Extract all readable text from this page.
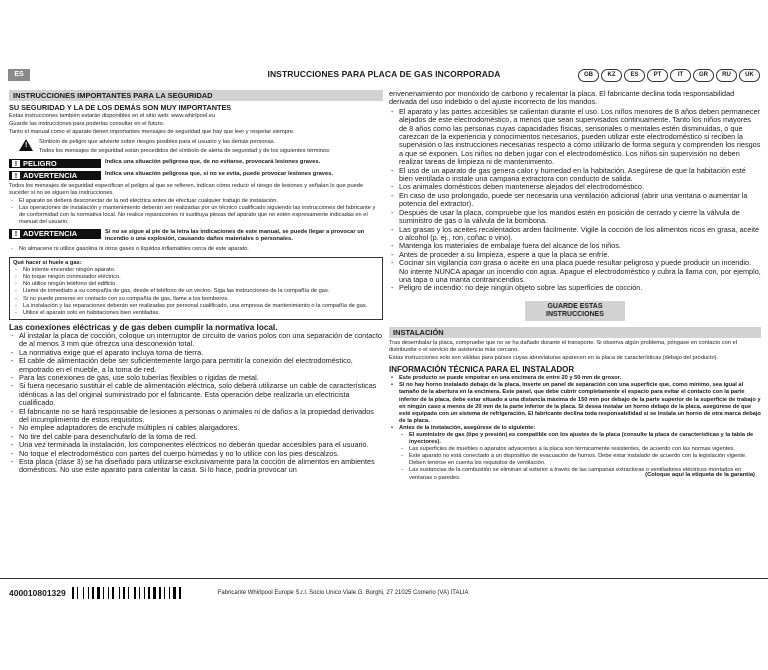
ES	INSTRUCCIONES PARA PLACA DE GAS INCORPORADA	GB	KZ	ES	PT	IT	GR	RU	UK
INSTRUCCIONES IMPORTANTES PARA LA SEGURIDAD
SU SEGURIDAD Y LA DE LOS DEMÁS SON MUY IMPORTANTES

Estas instrucciones también estarán disponibles en el sitio web: www.whirlpool.eu

Guarde las instrucciones para poderlas consultar en el futuro.

Tanto el manual como el aparato tienen importantes mensajes de seguridad que hay que leer y respetar siempre.

! Símbolo de peligro que advierte sobre riesgos posibles para el usuario y las demás personas.

Todos los mensajes de seguridad están precedidos del símbolo de alerta de seguridad y de los siguientes términos:

! PELIGRO	Indica una situación peligrosa que, de no evitarse, provocará lesiones graves.
! ADVERTENCIA	Indica una situación peligrosa que, si no se evita, puede provocar lesiones graves.

Todos los mensajes de seguridad especifican el peligro al que se refieren, indican cómo reducir el riesgo de lesiones y señalan lo que puede suceder si no se siguen las instrucciones.

- El aparato se deberá desconectar de la red eléctrica antes de efectuar cualquier trabajo de instalación.
- Las operaciones de instalación y mantenimiento deberán ser realizadas por un técnico cualificado siguiendo las instrucciones del fabricante y de conformidad con la normativa local. No realice reparaciones ni sustituya piezas del aparato que no estén expresamente indicadas en el manual del usuario.
! ADVERTENCIA	Si no se sigue al pie de la letra las indicaciones de este manual, se puede llegar a provocar un incendio o una explosión, causando daños materiales o personales.
- No almacene ni utilice gasolina ni otros gases o líquidos inflamables cerca de este aparato.
Qué hacer si huele a gas:
- No intente encender ningún aparato.
- No toque ningún conmutador eléctrico.
- No utilice ningún teléfono del edificio.
- Llame de inmediato a su compañía de gas, desde el teléfono de un vecino. Siga las instrucciones de la compañía de gas.
- Si no puede ponerse en contacto con su compañía de gas, llame a los bomberos.
- La instalación y las reparaciones deberán ser realizadas por personal cualificado, una empresa de mantenimiento o la compañía de gas.
- Utilice el aparato solo en habitaciones bien ventiladas.
Las conexiones eléctricas y de gas deben cumplir la normativa local.
- Al instalar la placa de cocción, coloque un interruptor de circuito de varios polos con una separación de contacto de al menos 3 mm que ofrezca una desconexión total.
- La normativa exige que el aparato incluya toma de tierra.
- El cable de alimentación debe ser suficientemente largo para permitir la conexión del electrodoméstico, empotrado en el mueble, a la toma de red.
- Para las conexiones de gas, use solo tuberías flexibles o rígidas de metal.
- Si fuera necesario sustituir el cable de alimentación eléctrica, solo deberá utilizarse un cable de características idénticas a las del original suministrado por el fabricante. Esta operación debe realizarla un electricista cualificado.
- El fabricante no se hará responsable de lesiones a personas o animales ni de daños a la propiedad derivados del incumplimiento de estos requisitos.
- No emplee adaptadores de enchufe múltiples ni cables alargadores.
- No tire del cable para desenchufarlo de la toma de red.
- Una vez terminada la instalación, los componentes eléctricos no deberán quedar accesibles para el usuario.
- No toque el electrodoméstico con partes del cuerpo húmedas y no lo utilice con los pies descalzos.
- Esta placa (clase 3) se ha diseñado para utilizarse exclusivamente para la cocción de alimentos en ambientes domésticos. No use este aparato para calentar la casa. Si lo hace, podría provocar un

envenenamiento por monóxido de carbono y recalentar la placa. El fabricante declina toda responsabilidad derivada del uso indebido o del ajuste incorrecto de los mandos.

- El aparato y las partes accesibles se calientan durante el uso. Los niños menores de 8 años deben permanecer alejados de este electrodoméstico, a menos que sean supervisados continuamente. Tanto los niños mayores de 8 años como las personas cuyas capacidades físicas, sensoriales o mentales estén disminuidas, o que carezcan de la experiencia y conocimientos necesarios, pueden utilizar este electrodoméstico si reciben la supervisión o las instrucciones necesarias respecto a cómo utilizarlo de forma segura y comprenden los riesgos a que se exponen. Los niños no deben jugar con el electrodoméstico. Los niños sin supervisión no deben realizar tareas de limpieza ni de mantenimiento.
- El uso de un aparato de gas genera calor y humedad en la habitación. Asegúrese de que la habitación esté bien ventilada o instale una campana extractora con conducto de salida.
- Los animales domésticos deben mantenerse alejados del electrodoméstico.
- En caso de uso prolongado, puede ser necesaria una ventilación adicional (abrir una ventana o aumentar la potencia del extractor).
- Después de usar la placa, compruebe que los mandos estén en posición de cerrado y cierre la válvula de suministro de gas o la válvula de la bombona.
- Las grasas y los aceites recalentados arden fácilmente. Vigile la cocción de los alimentos ricos en grasa, aceite o alcohol (p. ej., ron, coñac o vino).
- Mantenga los materiales de embalaje fuera del alcance de los niños.
- Antes de proceder a su limpieza, espere a que la placa se enfríe.
- Cocinar sin vigilancia con grasa o aceite en una placa puede resultar peligroso y puede producir un incendio. No intente NUNCA apagar un incendio con agua. Apague el electrodoméstico y cubra la llama con, por ejemplo, una tapa o una manta contraincendios.
- Peligro de incendio: no deje ningún objeto sobre las superficies de cocción.
GUARDE ESTAS INSTRUCCIONES
INSTALACIÓN

Tras desembalar la placa, compruebe que no se ha dañado durante el transporte. Si observa algún problema, póngase en contacto con el distribuidor o el servicio de asistencia más cercano.

Estas instrucciones solo son válidas para países cuyas abreviaturas aparecen en la placa de características (debajo del producto).

INFORMACIÓN TÉCNICA PARA EL INSTALADOR
• Este producto se puede empotrar en una encimera de entre 20 y 50 mm de grosor.
• Si no hay horno instalado debajo de la placa, inserte un panel de separación con una superficie que, como mínimo, sea igual al tamaño de la abertura en la encimera. Este panel, que debe cubrir completamente el espacio para evitar el contacto con la parte inferior de la placa, debe estar situado a una distancia máxima de 150 mm por debajo de la parte superior de la superficie de trabajo y en ningún caso a menos de 20 mm de la parte inferior de la placa. Si desea instalar un horno debajo de la placa, asegúrese de que esté equipado con un sistema de refrigeración. El fabricante declina toda responsabilidad si se instala un horno de otra marca debajo de la placa.
• Antes de la instalación, asegúrese de lo siguiente:
- El suministro de gas (tipo y presión) es compatible con los ajustes de la placa (consulte la placa de características y la tabla de inyectores).
- Las superficies de muebles o aparatos adyacentes a la placa son térmicamente resistentes, de acuerdo con las normas vigentes.
- Este aparato no está conectado a un dispositivo de evacuación de humos. Debe estar instalado de acuerdo con la legislación vigente. Deben tenerse en cuenta los requisitos de ventilación.
- Las sustancias de la combustión se eliminan al exterior a través de las campanas extractoras o ventiladores eléctricos montados en ventanas o paredes.	(Coloque aquí la etiqueta de la garantía)
400010801329	Fabricante Whirlpool Europe S.r.l. Socio Unico Viale G. Borghi, 27 21025 Comerio (VA) ITALIA
